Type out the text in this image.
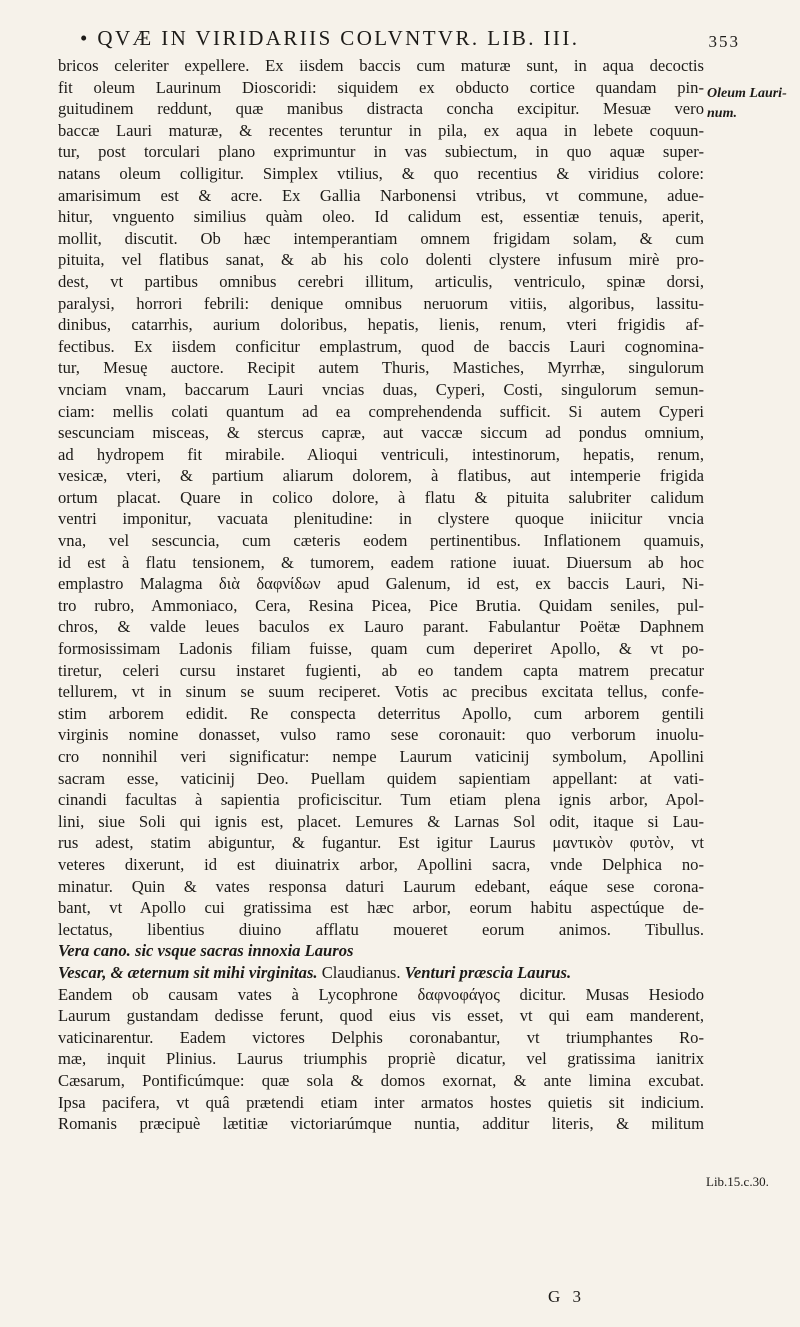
• QVÆ IN VIRIDARIIS COLVNTVR. LIB. III.	353
Oleum Lauri-num.
Lib.15.c.30.
bricos celeriter expellere. Ex iisdem baccis cum maturæ sunt, in aqua decoctis
fit oleum Laurinum Dioscoridi: siquidem ex obducto cortice quandam pin-
guitudinem reddunt, quæ manibus distracta concha excipitur. Mesuæ vero
baccæ Lauri maturæ, & recentes teruntur in pila, ex aqua in lebete coquun-
tur, post torculari plano exprimuntur in vas subiectum, in quo aquæ super-
natans oleum colligitur. Simplex vtilius, & quo recentius & viridius colore:
amarisimum est & acre. Ex Gallia Narbonensi vtribus, vt commune, adue-
hitur, vnguento similius quàm oleo. Id calidum est, essentiæ tenuis, aperit,
mollit, discutit. Ob hæc intemperantiam omnem frigidam solam, & cum
pituita, vel flatibus sanat, & ab his colo dolenti clystere infusum mirè pro-
dest, vt partibus omnibus cerebri illitum, articulis, ventriculo, spinæ dorsi,
paralysi, horrori febrili: denique omnibus neruorum vitiis, algoribus, lassitu-
dinibus, catarrhis, aurium doloribus, hepatis, lienis, renum, vteri frigidis af-
fectibus. Ex iisdem conficitur emplastrum, quod de baccis Lauri cognomina-
tur, Mesuę auctore. Recipit autem Thuris, Mastiches, Myrrhæ, singulorum
vnciam vnam, baccarum Lauri vncias duas, Cyperi, Costi, singulorum semun-
ciam: mellis colati quantum ad ea comprehendenda sufficit. Si autem Cyperi
sescunciam misceas, & stercus capræ, aut vaccæ siccum ad pondus omnium,
ad hydropem fit mirabile. Alioqui ventriculi, intestinorum, hepatis, renum,
vesicæ, vteri, & partium aliarum dolorem, à flatibus, aut intemperie frigida
ortum placat. Quare in colico dolore, à flatu & pituita salubriter calidum
ventri imponitur, vacuata plenitudine: in clystere quoque iniicitur vncia
vna, vel sescuncia, cum cæteris eodem pertinentibus. Inflationem quamuis,
id est à flatu tensionem, & tumorem, eadem ratione iuuat. Diuersum ab hoc
emplastro Malagma διὰ δαφνίδων apud Galenum, id est, ex baccis Lauri, Ni-
tro rubro, Ammoniaco, Cera, Resina Picea, Pice Brutia. Quidam seniles, pul-
chros, & valde leues baculos ex Lauro parant. Fabulantur Poëtæ Daphnem
formosissimam Ladonis filiam fuisse, quam cum deperiret Apollo, & vt po-
tiretur, celeri cursu instaret fugienti, ab eo tandem capta matrem precatur
tellurem, vt in sinum se suum reciperet. Votis ac precibus excitata tellus, confe-
stim arborem edidit. Re conspecta deterritus Apollo, cum arborem gentili
virginis nomine donasset, vulso ramo sese coronauit: quo verborum inuolu-
cro nonnihil veri significatur: nempe Laurum vaticinij symbolum, Apollini
sacram esse, vaticinij Deo. Puellam quidem sapientiam appellant: at vati-
cinandi facultas à sapientia proficiscitur. Tum etiam plena ignis arbor, Apol-
lini, siue Soli qui ignis est, placet. Lemures & Larnas Sol odit, itaque si Lau-
rus adest, statim abiguntur, & fugantur. Est igitur Laurus μαντικὸν φυτὸν, vt
veteres dixerunt, id est diuinatrix arbor, Apollini sacra, vnde Delphica no-
minatur. Quin & vates responsa daturi Laurum edebant, eáque sese corona-
bant, vt Apollo cui gratissima est hæc arbor, eorum habitu aspectúque de-
lectatus, libentius diuino afflatu moueret eorum animos. Tibullus.
Vera cano. sic vsque sacras innoxia Lauros
Vescar, & æternum sit mihi virginitas. Claudianus. Venturi præscia Laurus.
Eandem ob causam vates à Lycophrone δαφνοφάγος dicitur. Musas Hesiodo
Laurum gustandam dedisse ferunt, quod eius vis esset, vt qui eam manderent,
vaticinarentur. Eadem victores Delphis coronabantur, vt triumphantes Ro-
mæ, inquit Plinius. Laurus triumphis propriè dicatur, vel gratissima ianitrix
Cæsarum, Pontificúmque: quæ sola & domos exornat, & ante limina excubat.
Ipsa pacifera, vt quâ prætendi etiam inter armatos hostes quietis sit indicium.
Romanis præcipuè lætitiæ victoriarúmque nuntia, additur literis, & militum
G 3
